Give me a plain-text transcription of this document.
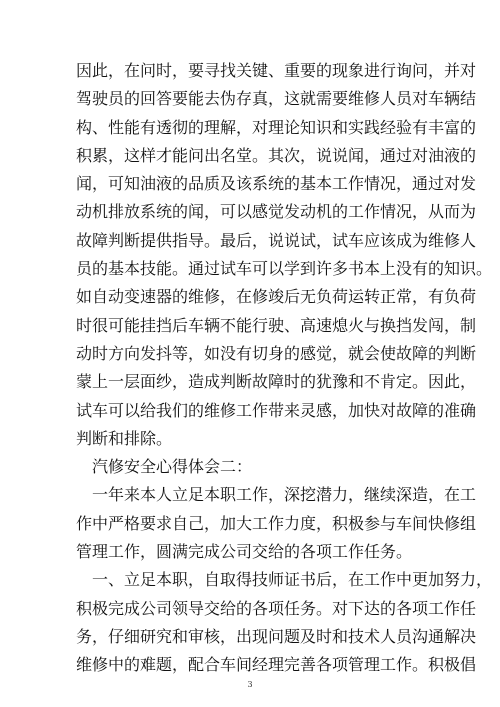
因此，在问时，要寻找关键、重要的现象进行询问，并对
驾驶员的回答要能去伪存真，这就需要维修人员对车辆结
构、性能有透彻的理解，对理论知识和实践经验有丰富的
积累，这样才能问出名堂。其次，说说闻，通过对油液的
闻，可知油液的品质及该系统的基本工作情况，通过对发
动机排放系统的闻，可以感觉发动机的工作情况，从而为
故障判断提供指导。最后，说说试，试车应该成为维修人
员的基本技能。通过试车可以学到许多书本上没有的知识。
如自动变速器的维修，在修竣后无负荷运转正常，有负荷
时很可能挂挡后车辆不能行驶、高速熄火与换挡发闯，制
动时方向发抖等，如没有切身的感觉，就会使故障的判断
蒙上一层面纱，造成判断故障时的犹豫和不肯定。因此，
试车可以给我们的维修工作带来灵感，加快对故障的准确
判断和排除。
汽修安全心得体会二：
一年来本人立足本职工作，深挖潜力，继续深造，在工
作中严格要求自己，加大工作力度，积极参与车间快修组
管理工作，圆满完成公司交给的各项工作任务。
一、立足本职，自取得技师证书后，在工作中更加努力，
积极完成公司领导交给的各项任务。对下达的各项工作任
务，仔细研究和审核，出现问题及时和技术人员沟通解决
维修中的难题，配合车间经理完善各项管理工作。积极倡
3
